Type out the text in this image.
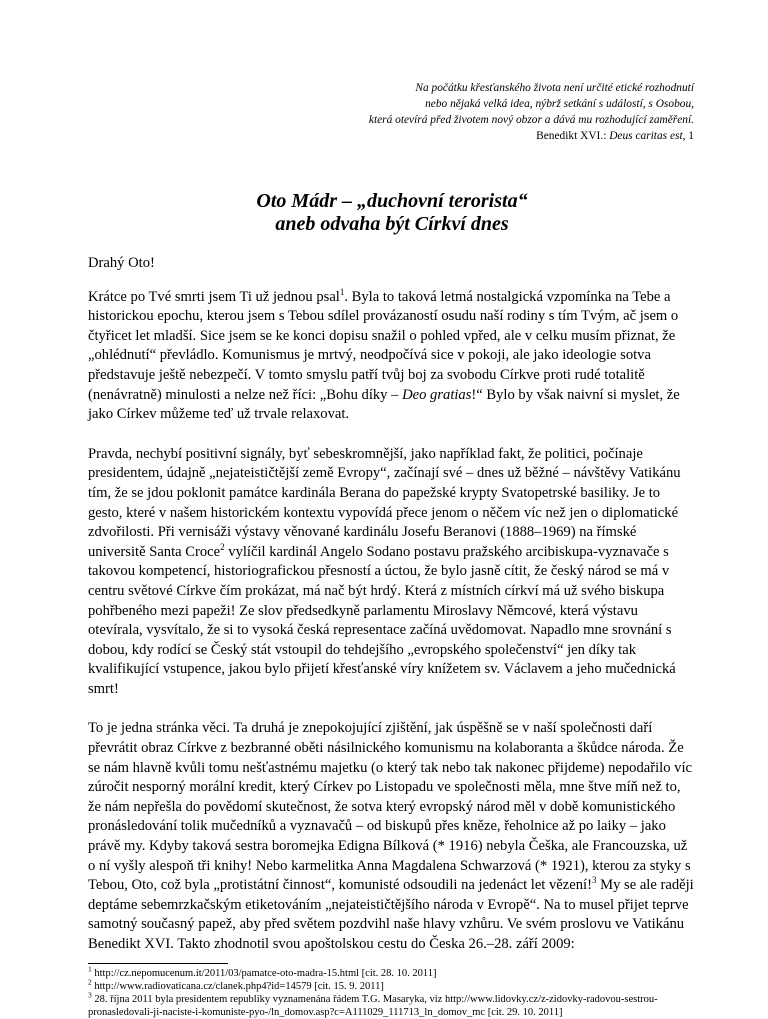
Na počátku křesťanského života není určité etické rozhodnutí
nebo nějaká velká idea, nýbrž setkání s událostí, s Osobou,
která otevírá před životem nový obzor a dává mu rozhodující zaměření.
Benedikt XVI.: Deus caritas est, 1
Oto Mádr – „duchovní terorista“
aneb odvaha být Církví dnes

Drahý Oto!

Krátce po Tvé smrti jsem Ti už jednou psal$^1$. Byla to taková letmá nostalgická vzpomínka na Tebe a historickou epochu, kterou jsem s Tebou sdílel provázaností osudu naší rodiny s tím Tvým, ač jsem o čtyřicet let mladší. Sice jsem se ke konci dopisu snažil o pohled vpřed, ale v celku musím přiznat, že „ohlédnutí“ převládlo. Komunismus je mrtvý, neodpočívá sice v pokoji, ale jako ideologie sotva představuje ještě nebezpečí. V tomto smyslu patří tvůj boj za svobodu Církve proti rudé totalitě (nenávratně) minulosti a nelze než říci: „Bohu díky – Deo gratias!“ Bylo by však naivní si myslet, že jako Církev můžeme teď už trvale relaxovat.

Pravda, nechybí positivní signály, byť sebeskromnější, jako například fakt, že politici, počínaje presidentem, údajně „nejateističtější země Evropy“, začínají své – dnes už běžné – návštěvy Vatikánu tím, že se jdou poklonit památce kardinála Berana do papežské krypty Svatopetrské basiliky. Je to gesto, které v našem historickém kontextu vypovídá přece jenom o něčem víc než jen o diplomatické zdvořilosti. Při vernisáži výstavy věnované kardinálu Josefu Beranovi (1888–1969) na římské universitě Santa Croce$^2$ vylíčil kardinál Angelo Sodano postavu pražského arcibiskupa-vyznavače s takovou kompetencí, historiografickou přesností a úctou, že bylo jasně cítit, že český národ se má v centru světové Církve čím prokázat, má nač být hrdý. Která z místních církví má už svého biskupa pohřbeného mezi papeži! Ze slov předsedkyně parlamentu Miroslavy Němcové, která výstavu otevírala, vysvítalo, že si to vysoká česká representace začíná uvědomovat. Napadlo mne srovnání s dobou, kdy rodící se Český stát vstoupil do tehdejšího „evropského společenství“ jen díky tak kvalifikující vstupence, jakou bylo přijetí křesťanské víry knížetem sv. Václavem a jeho mučednická smrt!

To je jedna stránka věci. Ta druhá je znepokojující zjištění, jak úspěšně se v naší společnosti daří převrátit obraz Církve z bezbranné oběti násilnického komunismu na kolaboranta a škůdce národa. Že se nám hlavně kvůli tomu nešťastnému majetku (o který tak nebo tak nakonec přijdeme) nepodařilo víc zúročit nesporný morální kredit, který Církev po Listopadu ve společnosti měla, mne štve míň než to, že nám nepřešla do povědomí skutečnost, že sotva který evropský národ měl v době komunistického pronásledování tolik mučedníků a vyznavačů – od biskupů přes kněze, řeholnice až po laiky – jako právě my. Kdyby taková sestra boromejka Edigna Bílková (* 1916) nebyla Češka, ale Francouzska, už o ní vyšly alespoň tři knihy! Nebo karmelitka Anna Magdalena Schwarzová (* 1921), kterou za styky s Tebou, Oto, což byla „protistátní činnost“, komunisté odsoudili na jedenáct let vězení!$^3$ My se ale raději deptáme sebemrzkačským etiketováním „nejateističtějšího národa v Evropě“. Na to musel přijet teprve samotný současný papež, aby před světem pozdvihl naše hlavy vzhůru. Ve svém proslovu ve Vatikánu Benedikt XVI. Takto zhodnotil svou apoštolskou cestu do Česka 26.–28. září 2009:

$^1$ http://cz.nepomucenum.it/2011/03/pamatce-oto-madra-15.html [cit. 28. 10. 2011]
$^2$ http://www.radiovaticana.cz/clanek.php4?id=14579 [cit. 15. 9. 2011]
$^3$ 28. října 2011 byla presidentem republiky vyznamenána řádem T.G. Masaryka, viz http://www.lidovky.cz/z-zidovky-radovou-sestrou-pronasledovali-ji-naciste-i-komuniste-pyo-/ln_domov.asp?c=A111029_111713_ln_domov_mc [cit. 29. 10. 2011]
